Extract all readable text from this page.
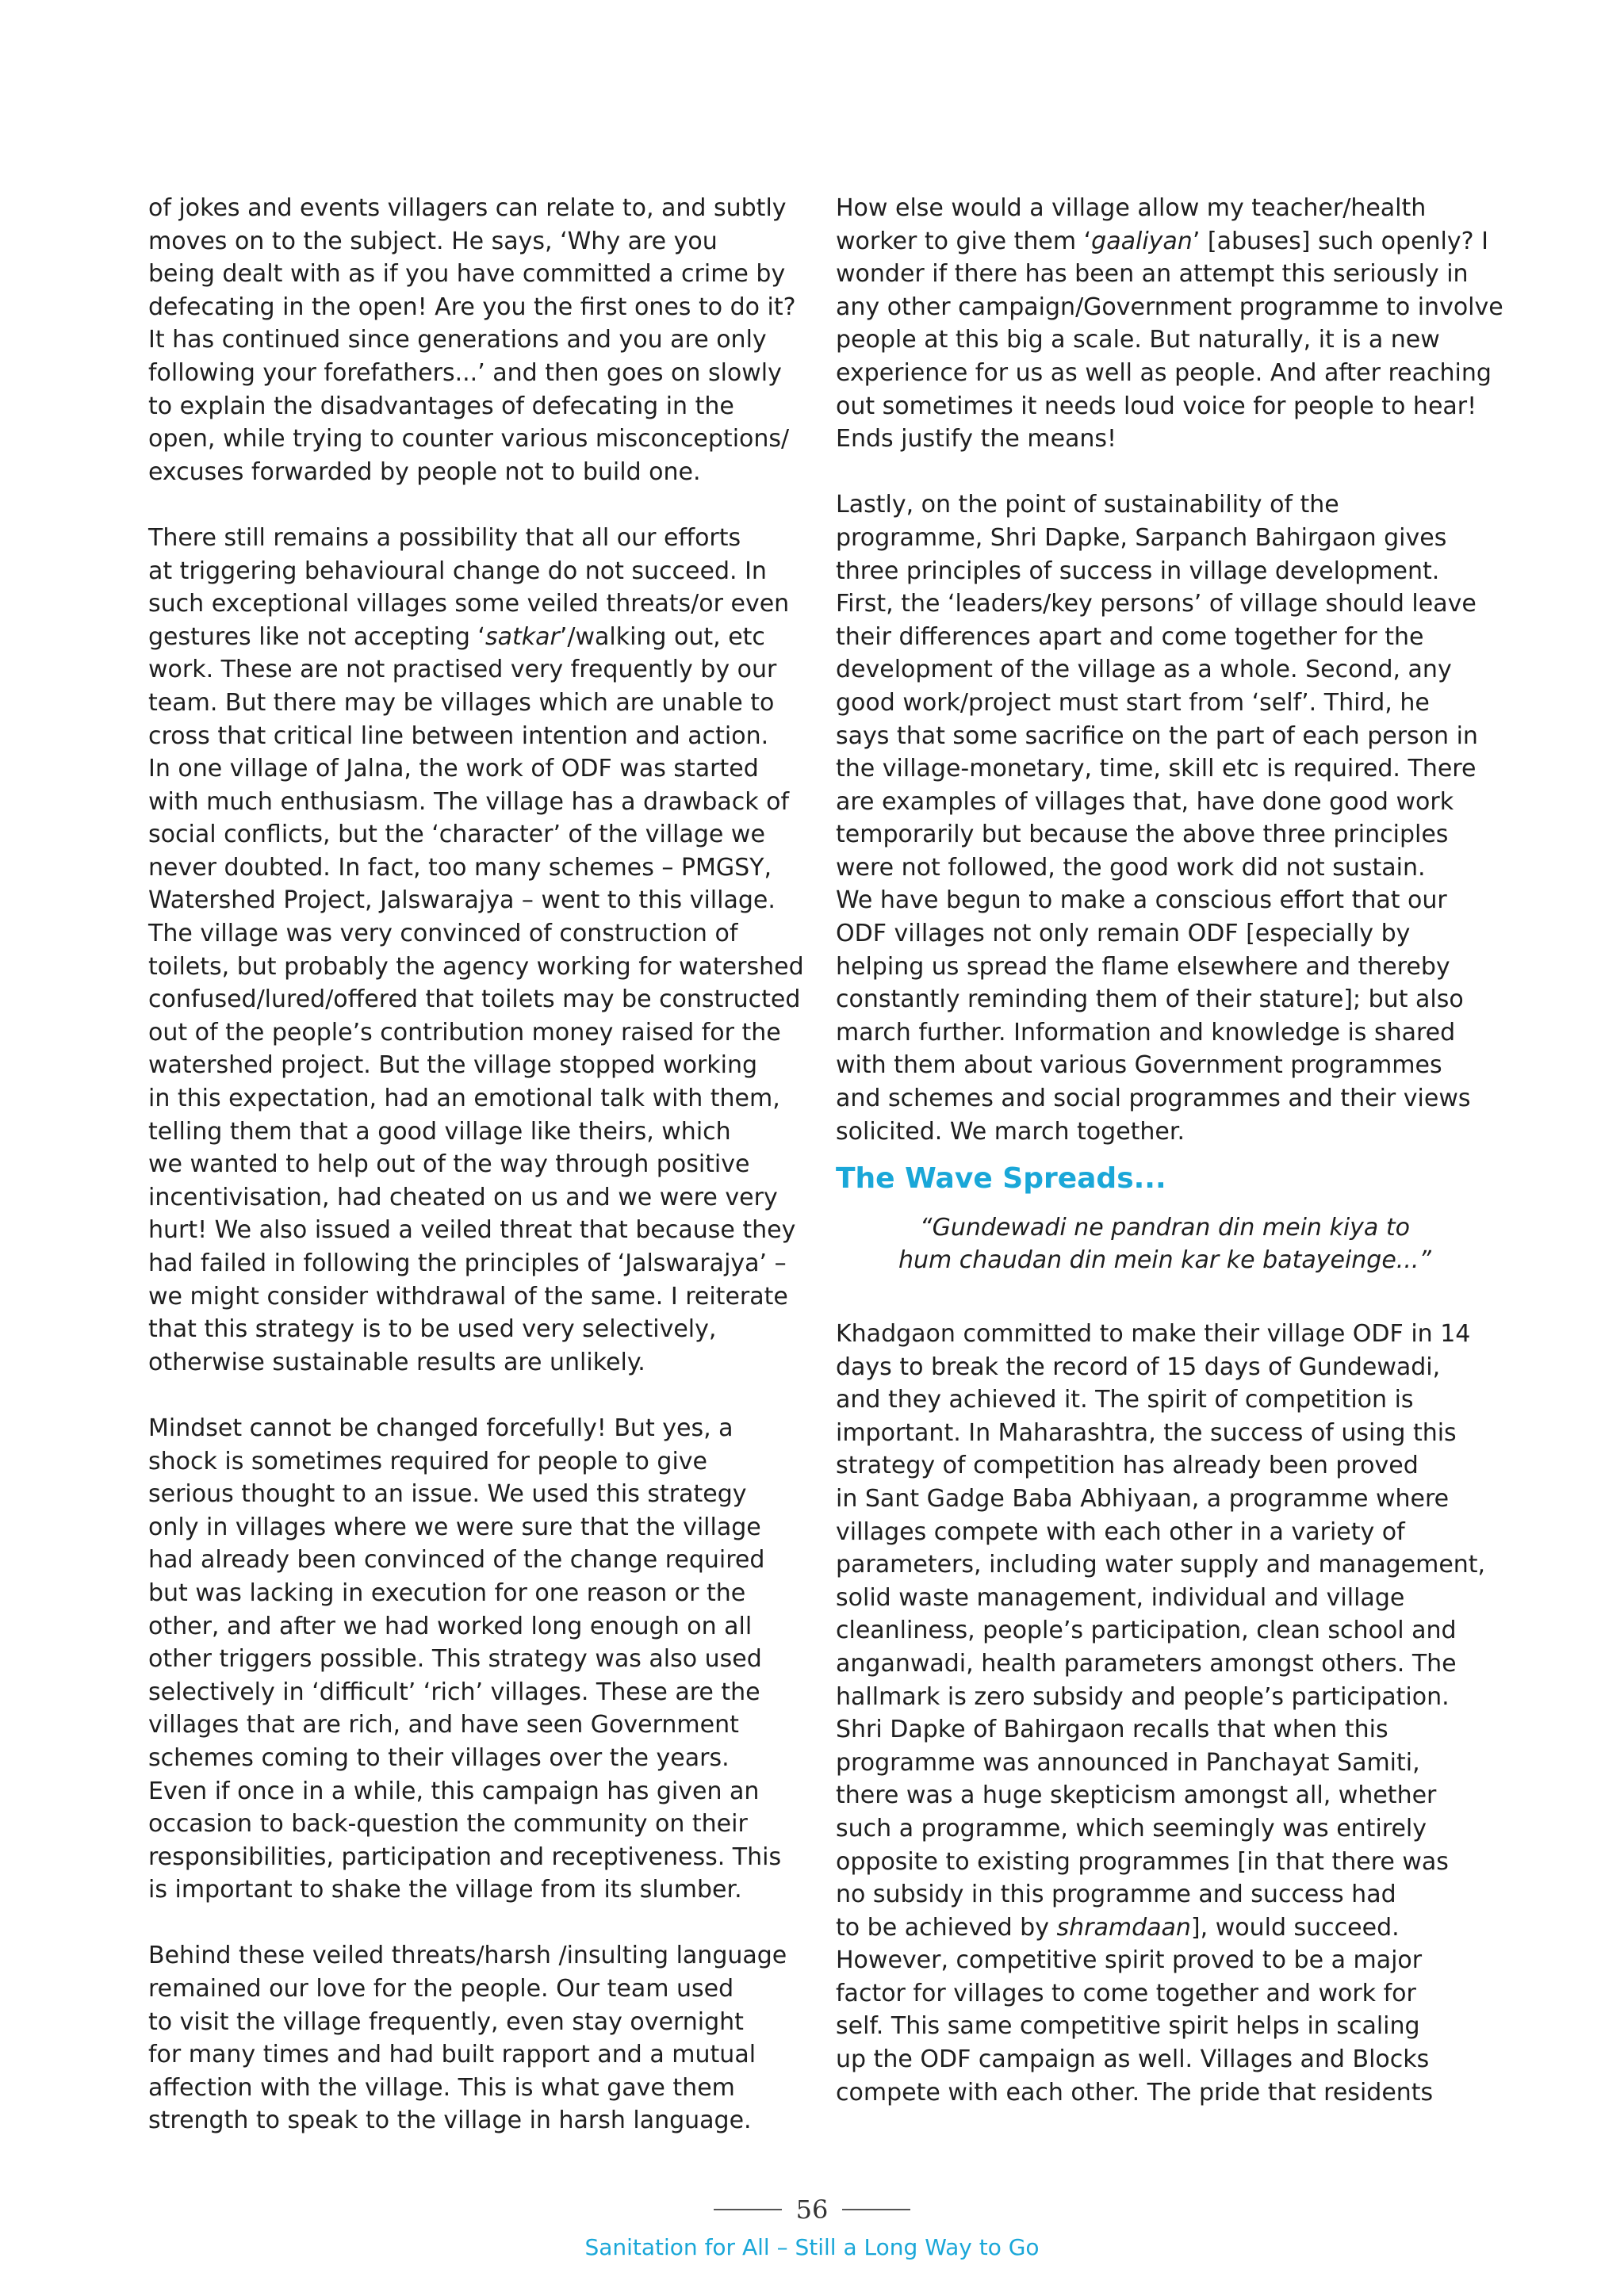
of jokes and events villagers can relate to, and subtly
moves on to the subject. He says, ‘Why are you
being dealt with as if you have committed a crime by
defecating in the open! Are you the first ones to do it?
It has continued since generations and you are only
following your forefathers...’ and then goes on slowly
to explain the disadvantages of defecating in the
open, while trying to counter various misconceptions/
excuses forwarded by people not to build one.
There still remains a possibility that all our efforts
at triggering behavioural change do not succeed. In
such exceptional villages some veiled threats/or even
gestures like not accepting ‘satkar’/walking out, etc
work. These are not practised very frequently by our
team. But there may be villages which are unable to
cross that critical line between intention and action.
In one village of Jalna, the work of ODF was started
with much enthusiasm. The village has a drawback of
social conflicts, but the ‘character’ of the village we
never doubted. In fact, too many schemes – PMGSY,
Watershed Project, Jalswarajya – went to this village.
The village was very convinced of construction of
toilets, but probably the agency working for watershed
confused/lured/offered that toilets may be constructed
out of the people’s contribution money raised for the
watershed project. But the village stopped working
in this expectation, had an emotional talk with them,
telling them that a good village like theirs, which
we wanted to help out of the way through positive
incentivisation, had cheated on us and we were very
hurt! We also issued a veiled threat that because they
had failed in following the principles of ‘Jalswarajya’ –
we might consider withdrawal of the same. I reiterate
that this strategy is to be used very selectively,
otherwise sustainable results are unlikely.
Mindset cannot be changed forcefully! But yes, a
shock is sometimes required for people to give
serious thought to an issue. We used this strategy
only in villages where we were sure that the village
had already been convinced of the change required
but was lacking in execution for one reason or the
other, and after we had worked long enough on all
other triggers possible. This strategy was also used
selectively in ‘difficult’ ‘rich’ villages. These are the
villages that are rich, and have seen Government
schemes coming to their villages over the years.
Even if once in a while, this campaign has given an
occasion to back-question the community on their
responsibilities, participation and receptiveness. This
is important to shake the village from its slumber.
Behind these veiled threats/harsh /insulting language
remained our love for the people. Our team used
to visit the village frequently, even stay overnight
for many times and had built rapport and a mutual
affection with the village. This is what gave them
strength to speak to the village in harsh language.
How else would a village allow my teacher/health
worker to give them ‘gaaliyan’ [abuses] such openly? I
wonder if there has been an attempt this seriously in
any other campaign/Government programme to involve
people at this big a scale. But naturally, it is a new
experience for us as well as people. And after reaching
out sometimes it needs loud voice for people to hear!
Ends justify the means!
Lastly, on the point of sustainability of the
programme, Shri Dapke, Sarpanch Bahirgaon gives
three principles of success in village development.
First, the ‘leaders/key persons’ of village should leave
their differences apart and come together for the
development of the village as a whole. Second, any
good work/project must start from ‘self’. Third, he
says that some sacrifice on the part of each person in
the village-monetary, time, skill etc is required. There
are examples of villages that, have done good work
temporarily but because the above three principles
were not followed, the good work did not sustain.
We have begun to make a conscious effort that our
ODF villages not only remain ODF [especially by
helping us spread the flame elsewhere and thereby
constantly reminding them of their stature]; but also
march further. Information and knowledge is shared
with them about various Government programmes
and schemes and social programmes and their views
solicited. We march together.
The Wave Spreads...
“Gundewadi ne pandran din mein kiya to
hum chaudan din mein kar ke batayeinge...”
Khadgaon committed to make their village ODF in 14
days to break the record of 15 days of Gundewadi,
and they achieved it. The spirit of competition is
important. In Maharashtra, the success of using this
strategy of competition has already been proved
in Sant Gadge Baba Abhiyaan, a programme where
villages compete with each other in a variety of
parameters, including water supply and management,
solid waste management, individual and village
cleanliness, people’s participation, clean school and
anganwadi, health parameters amongst others. The
hallmark is zero subsidy and people’s participation.
Shri Dapke of Bahirgaon recalls that when this
programme was announced in Panchayat Samiti,
there was a huge skepticism amongst all, whether
such a programme, which seemingly was entirely
opposite to existing programmes [in that there was
no subsidy in this programme and success had
to be achieved by shramdaan], would succeed.
However, competitive spirit proved to be a major
factor for villages to come together and work for
self. This same competitive spirit helps in scaling
up the ODF campaign as well. Villages and Blocks
compete with each other. The pride that residents
56
Sanitation for All – Still a Long Way to Go
